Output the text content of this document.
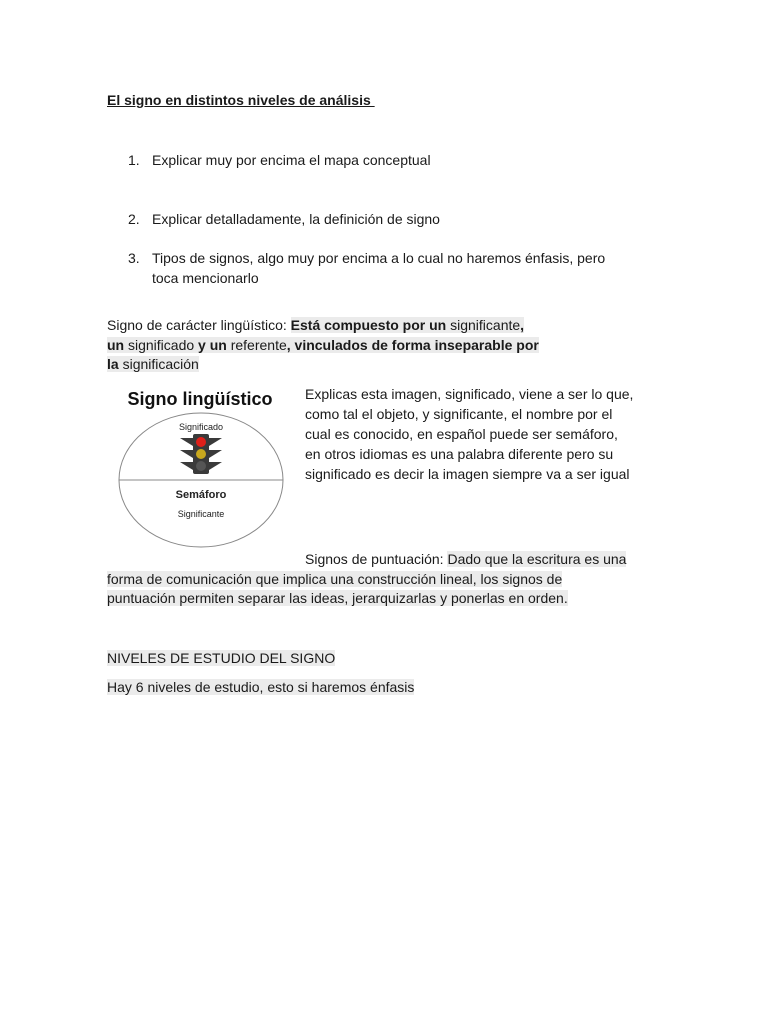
El signo en distintos niveles de análisis
1. Explicar muy por encima el mapa conceptual
2. Explicar detalladamente, la definición de signo
3. Tipos de signos, algo muy por encima a lo cual no haremos énfasis, pero
toca mencionarlo
Signo de carácter lingüístico: Está compuesto por un significante,
un significado y un referente, vinculados de forma inseparable por
la significación
Signo lingüístico
Significado
Semáforo
Significante
Explicas esta imagen, significado, viene a ser lo que,
como tal el objeto, y significante, el nombre por el
cual es conocido, en español puede ser semáforo,
en otros idiomas es una palabra diferente pero su
significado es decir la imagen siempre va a ser igual
Signos de puntuación: Dado que la escritura es una
forma de comunicación que implica una construcción lineal, los signos de
puntuación permiten separar las ideas, jerarquizarlas y ponerlas en orden.
NIVELES DE ESTUDIO DEL SIGNO
Hay 6 niveles de estudio, esto si haremos énfasis
